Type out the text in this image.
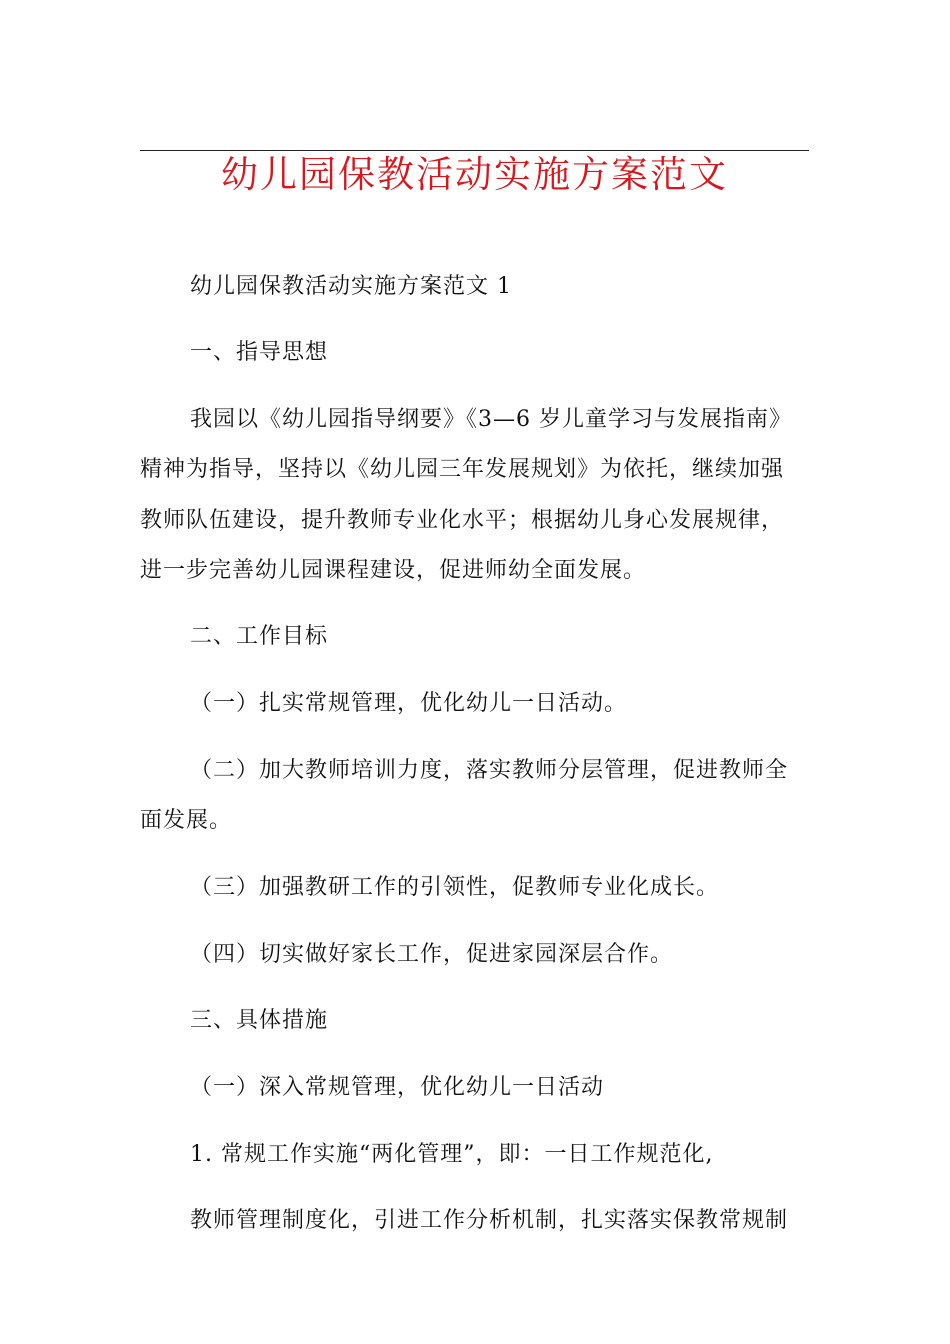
幼儿园保教活动实施方案范文
幼儿园保教活动实施方案范文 1
一、指导思想
我园以《幼儿园指导纲要》《3—6 岁儿童学习与发展指南》
精神为指导，坚持以《幼儿园三年发展规划》为依托，继续加强
教师队伍建设，提升教师专业化水平；根据幼儿身心发展规律，
进一步完善幼儿园课程建设，促进师幼全面发展。
二、工作目标
（一）扎实常规管理，优化幼儿一日活动。
（二）加大教师培训力度，落实教师分层管理，促进教师全
面发展。
（三）加强教研工作的引领性，促教师专业化成长。
（四）切实做好家长工作，促进家园深层合作。
三、具体措施
（一）深入常规管理，优化幼儿一日活动
1. 常规工作实施“两化管理”，即：一日工作规范化,
教师管理制度化，引进工作分析机制，扎实落实保教常规制
